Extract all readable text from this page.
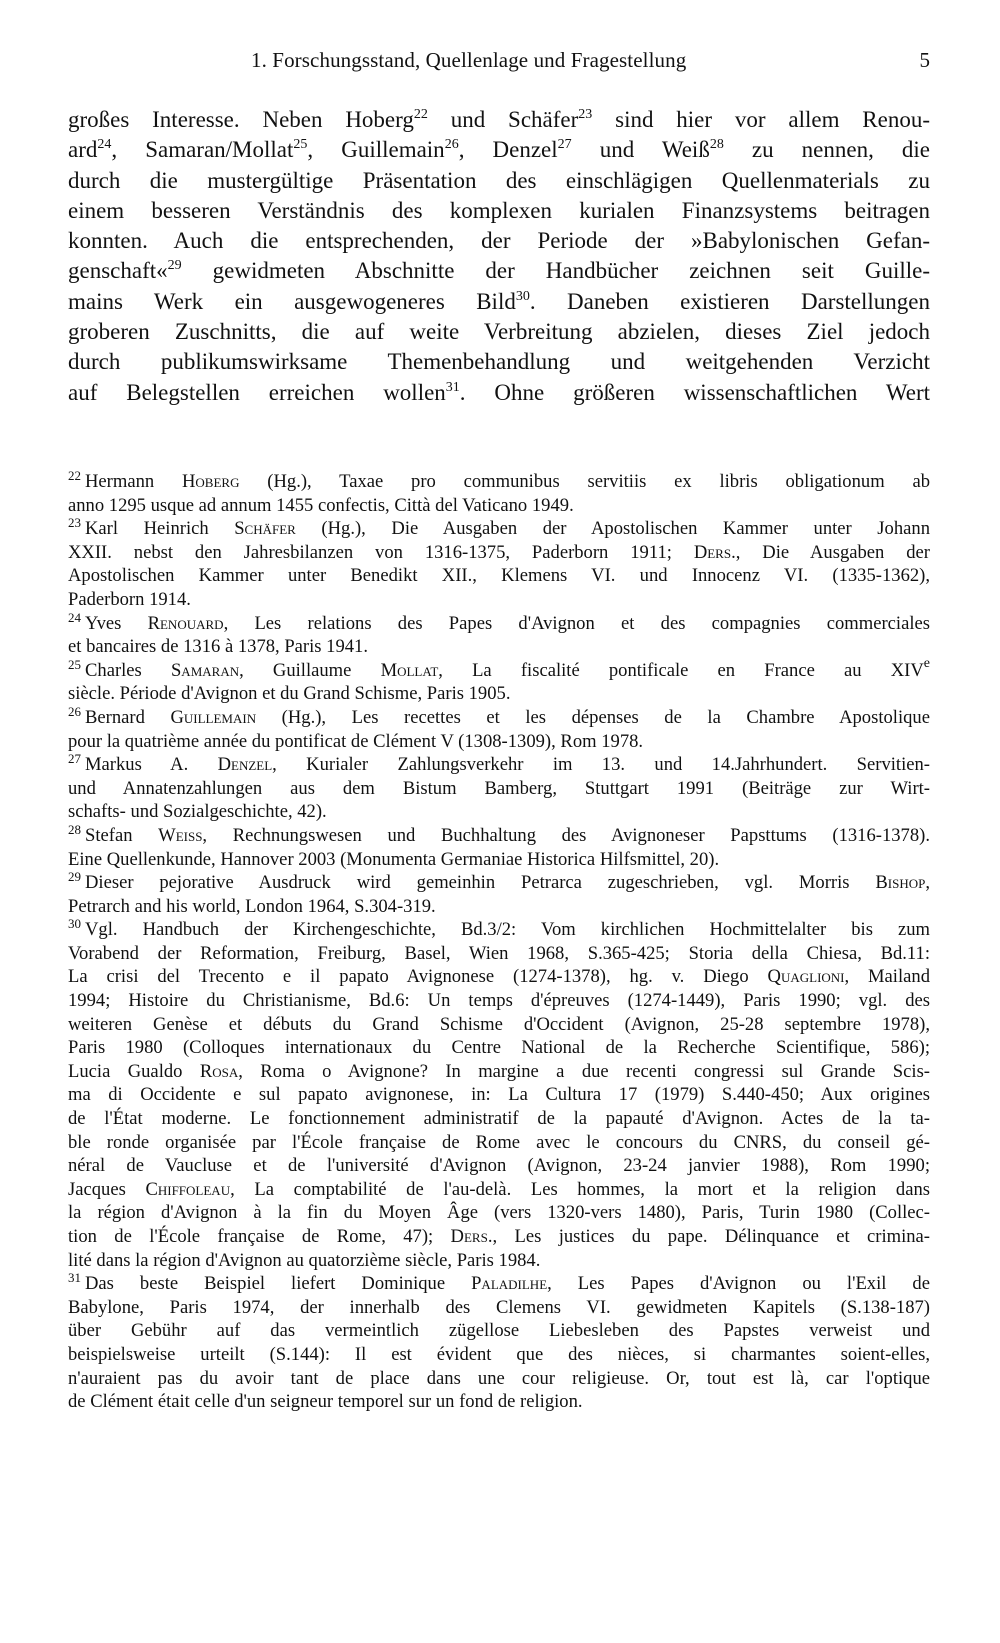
1. Forschungsstand, Quellenlage und Fragestellung	5
großes Interesse. Neben Hoberg$^{22}$ und Schäfer$^{23}$ sind hier vor allem Renou-
ard$^{24}$, Samaran/Mollat$^{25}$, Guillemain$^{26}$, Denzel$^{27}$ und Weiß$^{28}$ zu nennen, die
durch die mustergültige Präsentation des einschlägigen Quellenmaterials zu
einem besseren Verständnis des komplexen kurialen Finanzsystems beitragen
konnten. Auch die entsprechenden, der Periode der »Babylonischen Gefan-
genschaft«$^{29}$ gewidmeten Abschnitte der Handbücher zeichnen seit Guille-
mains Werk ein ausgewogeneres Bild$^{30}$. Daneben existieren Darstellungen
groberen Zuschnitts, die auf weite Verbreitung abzielen, dieses Ziel jedoch
durch publikumswirksame Themenbehandlung und weitgehenden Verzicht
auf Belegstellen erreichen wollen$^{31}$. Ohne größeren wissenschaftlichen Wert
$^{22}$ Hermann Hoberg (Hg.), Taxae pro communibus servitiis ex libris obligationum ab
anno 1295 usque ad annum 1455 confectis, Città del Vaticano 1949.
$^{23}$ Karl Heinrich Schäfer (Hg.), Die Ausgaben der Apostolischen Kammer unter Johann
XXII. nebst den Jahresbilanzen von 1316-1375, Paderborn 1911; Ders., Die Ausgaben der
Apostolischen Kammer unter Benedikt XII., Klemens VI. und Innocenz VI. (1335-1362),
Paderborn 1914.
$^{24}$ Yves Renouard, Les relations des Papes d'Avignon et des compagnies commerciales
et bancaires de 1316 à 1378, Paris 1941.
$^{25}$ Charles Samaran, Guillaume Mollat, La fiscalité pontificale en France au XIVe
siècle. Période d'Avignon et du Grand Schisme, Paris 1905.
$^{26}$ Bernard Guillemain (Hg.), Les recettes et les dépenses de la Chambre Apostolique
pour la quatrième année du pontificat de Clément V (1308-1309), Rom 1978.
$^{27}$ Markus A. Denzel, Kurialer Zahlungsverkehr im 13. und 14.Jahrhundert. Servitien-
und Annatenzahlungen aus dem Bistum Bamberg, Stuttgart 1991 (Beiträge zur Wirt-
schafts- und Sozialgeschichte, 42).
$^{28}$ Stefan Weiss, Rechnungswesen und Buchhaltung des Avignoneser Papsttums (1316-1378).
Eine Quellenkunde, Hannover 2003 (Monumenta Germaniae Historica Hilfsmittel, 20).
$^{29}$ Dieser pejorative Ausdruck wird gemeinhin Petrarca zugeschrieben, vgl. Morris Bishop,
Petrarch and his world, London 1964, S.304-319.
$^{30}$ Vgl. Handbuch der Kirchengeschichte, Bd.3/2: Vom kirchlichen Hochmittelalter bis zum
Vorabend der Reformation, Freiburg, Basel, Wien 1968, S.365-425; Storia della Chiesa, Bd.11:
La crisi del Trecento e il papato Avignonese (1274-1378), hg. v. Diego Quaglioni, Mailand
1994; Histoire du Christianisme, Bd.6: Un temps d'épreuves (1274-1449), Paris 1990; vgl. des
weiteren Genèse et débuts du Grand Schisme d'Occident (Avignon, 25-28 septembre 1978),
Paris 1980 (Colloques internationaux du Centre National de la Recherche Scientifique, 586);
Lucia Gualdo Rosa, Roma o Avignone? In margine a due recenti congressi sul Grande Scis-
ma di Occidente e sul papato avignonese, in: La Cultura 17 (1979) S.440-450; Aux origines
de l'État moderne. Le fonctionnement administratif de la papauté d'Avignon. Actes de la ta-
ble ronde organisée par l'École française de Rome avec le concours du CNRS, du conseil gé-
néral de Vaucluse et de l'université d'Avignon (Avignon, 23-24 janvier 1988), Rom 1990;
Jacques Chiffoleau, La comptabilité de l'au-delà. Les hommes, la mort et la religion dans
la région d'Avignon à la fin du Moyen Âge (vers 1320-vers 1480), Paris, Turin 1980 (Collec-
tion de l'École française de Rome, 47); Ders., Les justices du pape. Délinquance et crimina-
lité dans la région d'Avignon au quatorzième siècle, Paris 1984.
$^{31}$ Das beste Beispiel liefert Dominique Paladilhe, Les Papes d'Avignon ou l'Exil de
Babylone, Paris 1974, der innerhalb des Clemens VI. gewidmeten Kapitels (S.138-187)
über Gebühr auf das vermeintlich zügellose Liebesleben des Papstes verweist und
beispielsweise urteilt (S.144): Il est évident que des nièces, si charmantes soient-elles,
n'auraient pas du avoir tant de place dans une cour religieuse. Or, tout est là, car l'optique
de Clément était celle d'un seigneur temporel sur un fond de religion.
